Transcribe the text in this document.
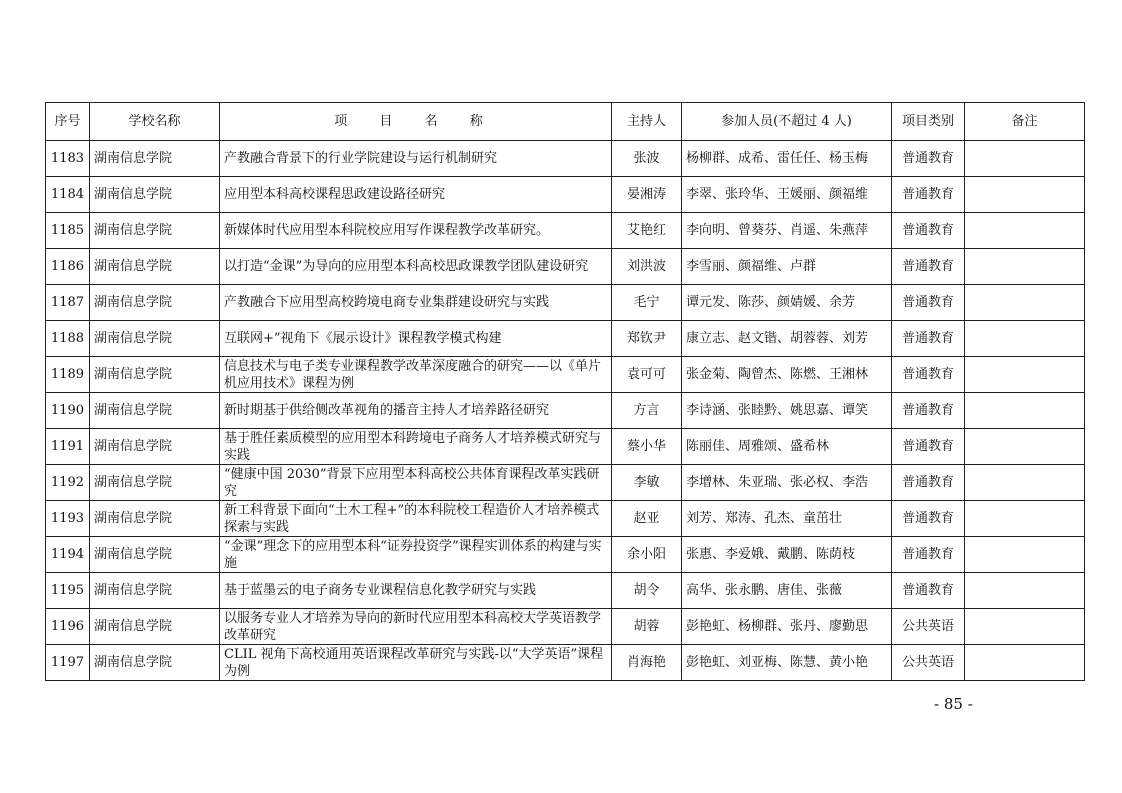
序号	学校名称	项 目 名 称	主持人	参加人员(不超过 4 人)	项目类别	备注
1183	湖南信息学院	产教融合背景下的行业学院建设与运行机制研究	张波	杨柳群、成希、雷任任、杨玉梅	普通教育	
1184	湖南信息学院	应用型本科高校课程思政建设路径研究	晏湘涛	李翠、张玲华、王媛丽、颜福维	普通教育	
1185	湖南信息学院	新媒体时代应用型本科院校应用写作课程教学改革研究。	艾艳红	李向明、曾葵芬、肖遥、朱燕萍	普通教育	
1186	湖南信息学院	以打造“金课”为导向的应用型本科高校思政课教学团队建设研究	刘洪波	李雪丽、颜福维、卢群	普通教育	
1187	湖南信息学院	产教融合下应用型高校跨境电商专业集群建设研究与实践	毛宁	谭元发、陈莎、颜婧媛、余芳	普通教育	
1188	湖南信息学院	互联网+”视角下《展示设计》课程教学模式构建	郑钦尹	康立志、赵文锴、胡蓉蓉、刘芳	普通教育	
1189	湖南信息学院	信息技术与电子类专业课程教学改革深度融合的研究——以《单片机应用技术》课程为例	袁可可	张金菊、陶曾杰、陈燃、王湘林	普通教育	
1190	湖南信息学院	新时期基于供给侧改革视角的播音主持人才培养路径研究	方言	李诗涵、张睦黔、姚思嘉、谭笑	普通教育	
1191	湖南信息学院	基于胜任素质模型的应用型本科跨境电子商务人才培养模式研究与实践	蔡小华	陈丽佳、周雅颂、盛希林	普通教育	
1192	湖南信息学院	“健康中国 2030”背景下应用型本科高校公共体育课程改革实践研究	李敏	李增林、朱亚瑞、张必权、李浩	普通教育	
1193	湖南信息学院	新工科背景下面向“土木工程+”的本科院校工程造价人才培养模式探索与实践	赵亚	刘芳、郑涛、孔杰、童茁壮	普通教育	
1194	湖南信息学院	“金课”理念下的应用型本科“证券投资学”课程实训体系的构建与实施	余小阳	张惠、李爱娥、戴鹏、陈荫枝	普通教育	
1195	湖南信息学院	基于蓝墨云的电子商务专业课程信息化教学研究与实践	胡令	高华、张永鹏、唐佳、张薇	普通教育	
1196	湖南信息学院	以服务专业人才培养为导向的新时代应用型本科高校大学英语教学改革研究	胡蓉	彭艳虹、杨柳群、张丹、廖勤思	公共英语	
1197	湖南信息学院	CLIL 视角下高校通用英语课程改革研究与实践-以“大学英语”课程为例	肖海艳	彭艳虹、刘亚梅、陈慧、黄小艳	公共英语	
- 85 -
